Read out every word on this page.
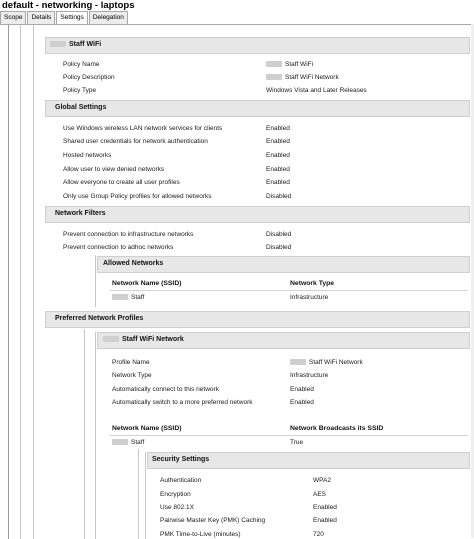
default - networking - laptops
Scope	Details	Settings	Delegation
Staff WiFi
Policy Name	Staff WiFi
Policy Description	Staff WiFi Network
Policy Type	Windows Vista and Later Releases
Global Settings
Use Windows wireless LAN network services for clients	Enabled
Shared user credentials for network authentication	Enabled
Hosted networks	Enabled
Allow user to view denied networks	Enabled
Allow everyone to create all user profiles	Enabled
Only use Group Policy profiles for allowed networks	Disabled
Network Filters
Prevent connection to infrastructure networks	Disabled
Prevent connection to adhoc networks	Disabled
Allowed Networks
Network Name (SSID)	Network Type
Staff	Infrastructure
Preferred Network Profiles
Staff WiFi Network
Profile Name	Staff WiFi Network
Network Type	Infrastructure
Automatically connect to this network	Enabled
Automatically switch to a more preferred network	Enabled
Network Name (SSID)	Network Broadcasts its SSID
Staff	True
Security Settings
Authentication	WPA2
Encryption	AES
Use 802.1X	Enabled
Pairwise Master Key (PMK) Caching	Enabled
PMK Time-to-Live (minutes)	720
